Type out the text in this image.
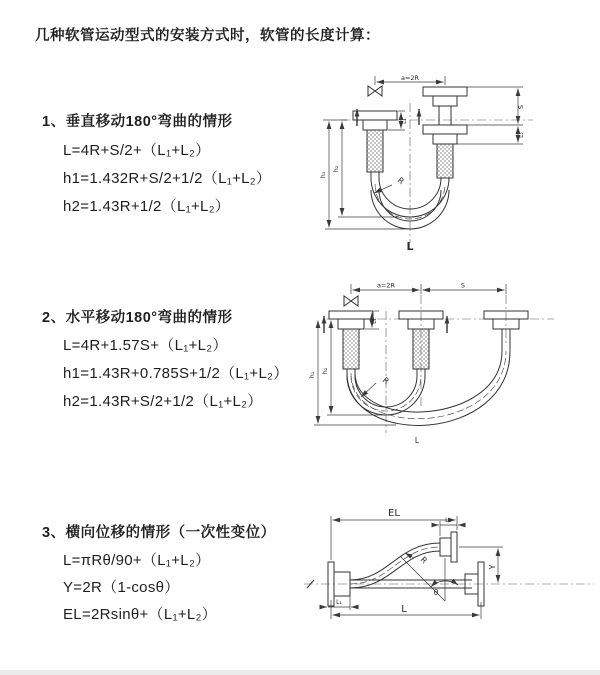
几种软管运动型式的安装方式时，软管的长度计算：
1、垂直移动180°弯曲的情形
L=4R+S/2+（L₁+L₂）
h1=1.432R+S/2+1/2（L₁+L₂）
h2=1.43R+1/2（L₁+L₂）
2、水平移动180°弯曲的情形
L=4R+1.57S+（L₁+L₂）
h1=1.43R+0.785S+1/2（L₁+L₂）
h2=1.43R+S/2+1/2（L₁+L₂）
3、横向位移的情形（一次性变位）
L=πRθ/90+（L₁+L₂）
Y=2R（1-cosθ）
EL=2Rsinθ+（L₁+L₂）
a=2R
S
L₂
L₁
h₁
h₂
R
L
a=2R	S
h₁
h₂
L₁
R
L
EL
L₂
Y
L₁
L
R
θ
